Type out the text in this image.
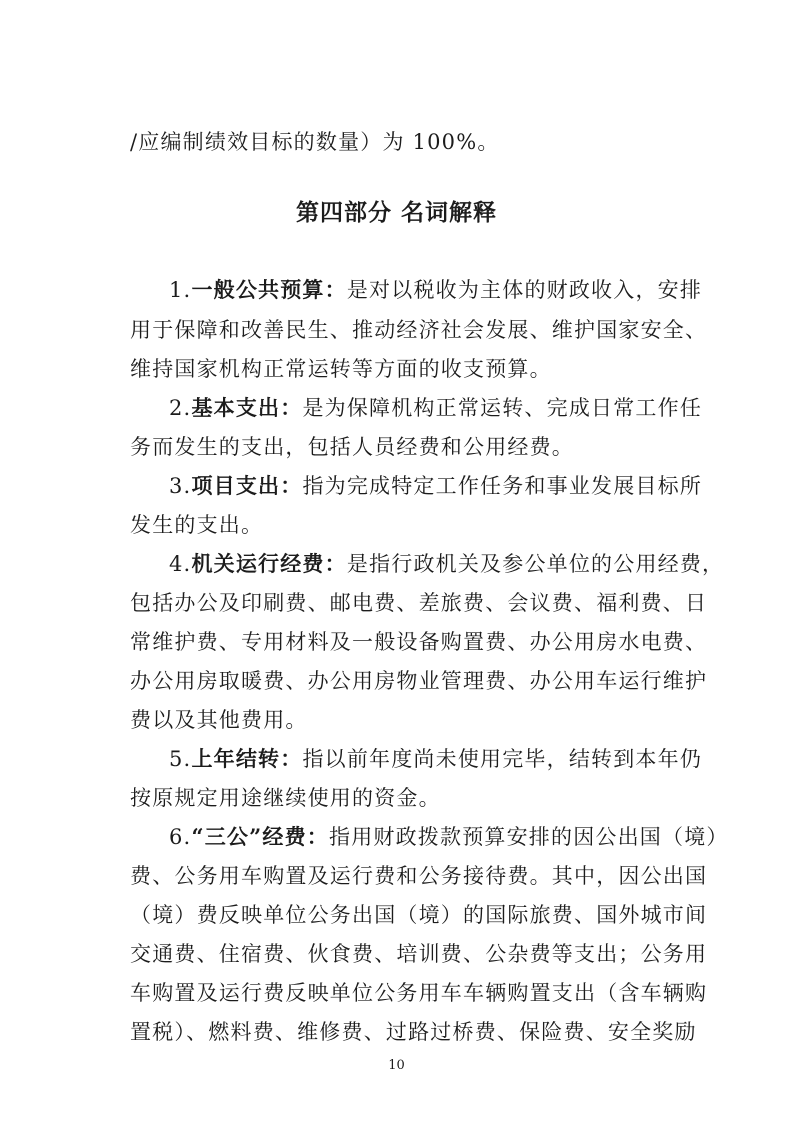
/应编制绩效目标的数量）为 100%。

第四部分 名词解释

1.一般公共预算：是对以税收为主体的财政收入，安排

用于保障和改善民生、推动经济社会发展、维护国家安全、

维持国家机构正常运转等方面的收支预算。

2.基本支出：是为保障机构正常运转、完成日常工作任

务而发生的支出，包括人员经费和公用经费。

3.项目支出：指为完成特定工作任务和事业发展目标所

发生的支出。

4.机关运行经费：是指行政机关及参公单位的公用经费，

包括办公及印刷费、邮电费、差旅费、会议费、福利费、日

常维护费、专用材料及一般设备购置费、办公用房水电费、

办公用房取暖费、办公用房物业管理费、办公用车运行维护

费以及其他费用。

5.上年结转：指以前年度尚未使用完毕，结转到本年仍

按原规定用途继续使用的资金。

6.“三公”经费：指用财政拨款预算安排的因公出国（境）

费、公务用车购置及运行费和公务接待费。其中，因公出国

（境）费反映单位公务出国（境）的国际旅费、国外城市间

交通费、住宿费、伙食费、培训费、公杂费等支出；公务用

车购置及运行费反映单位公务用车车辆购置支出（含车辆购

置税）、燃料费、维修费、过路过桥费、保险费、安全奖励

10
